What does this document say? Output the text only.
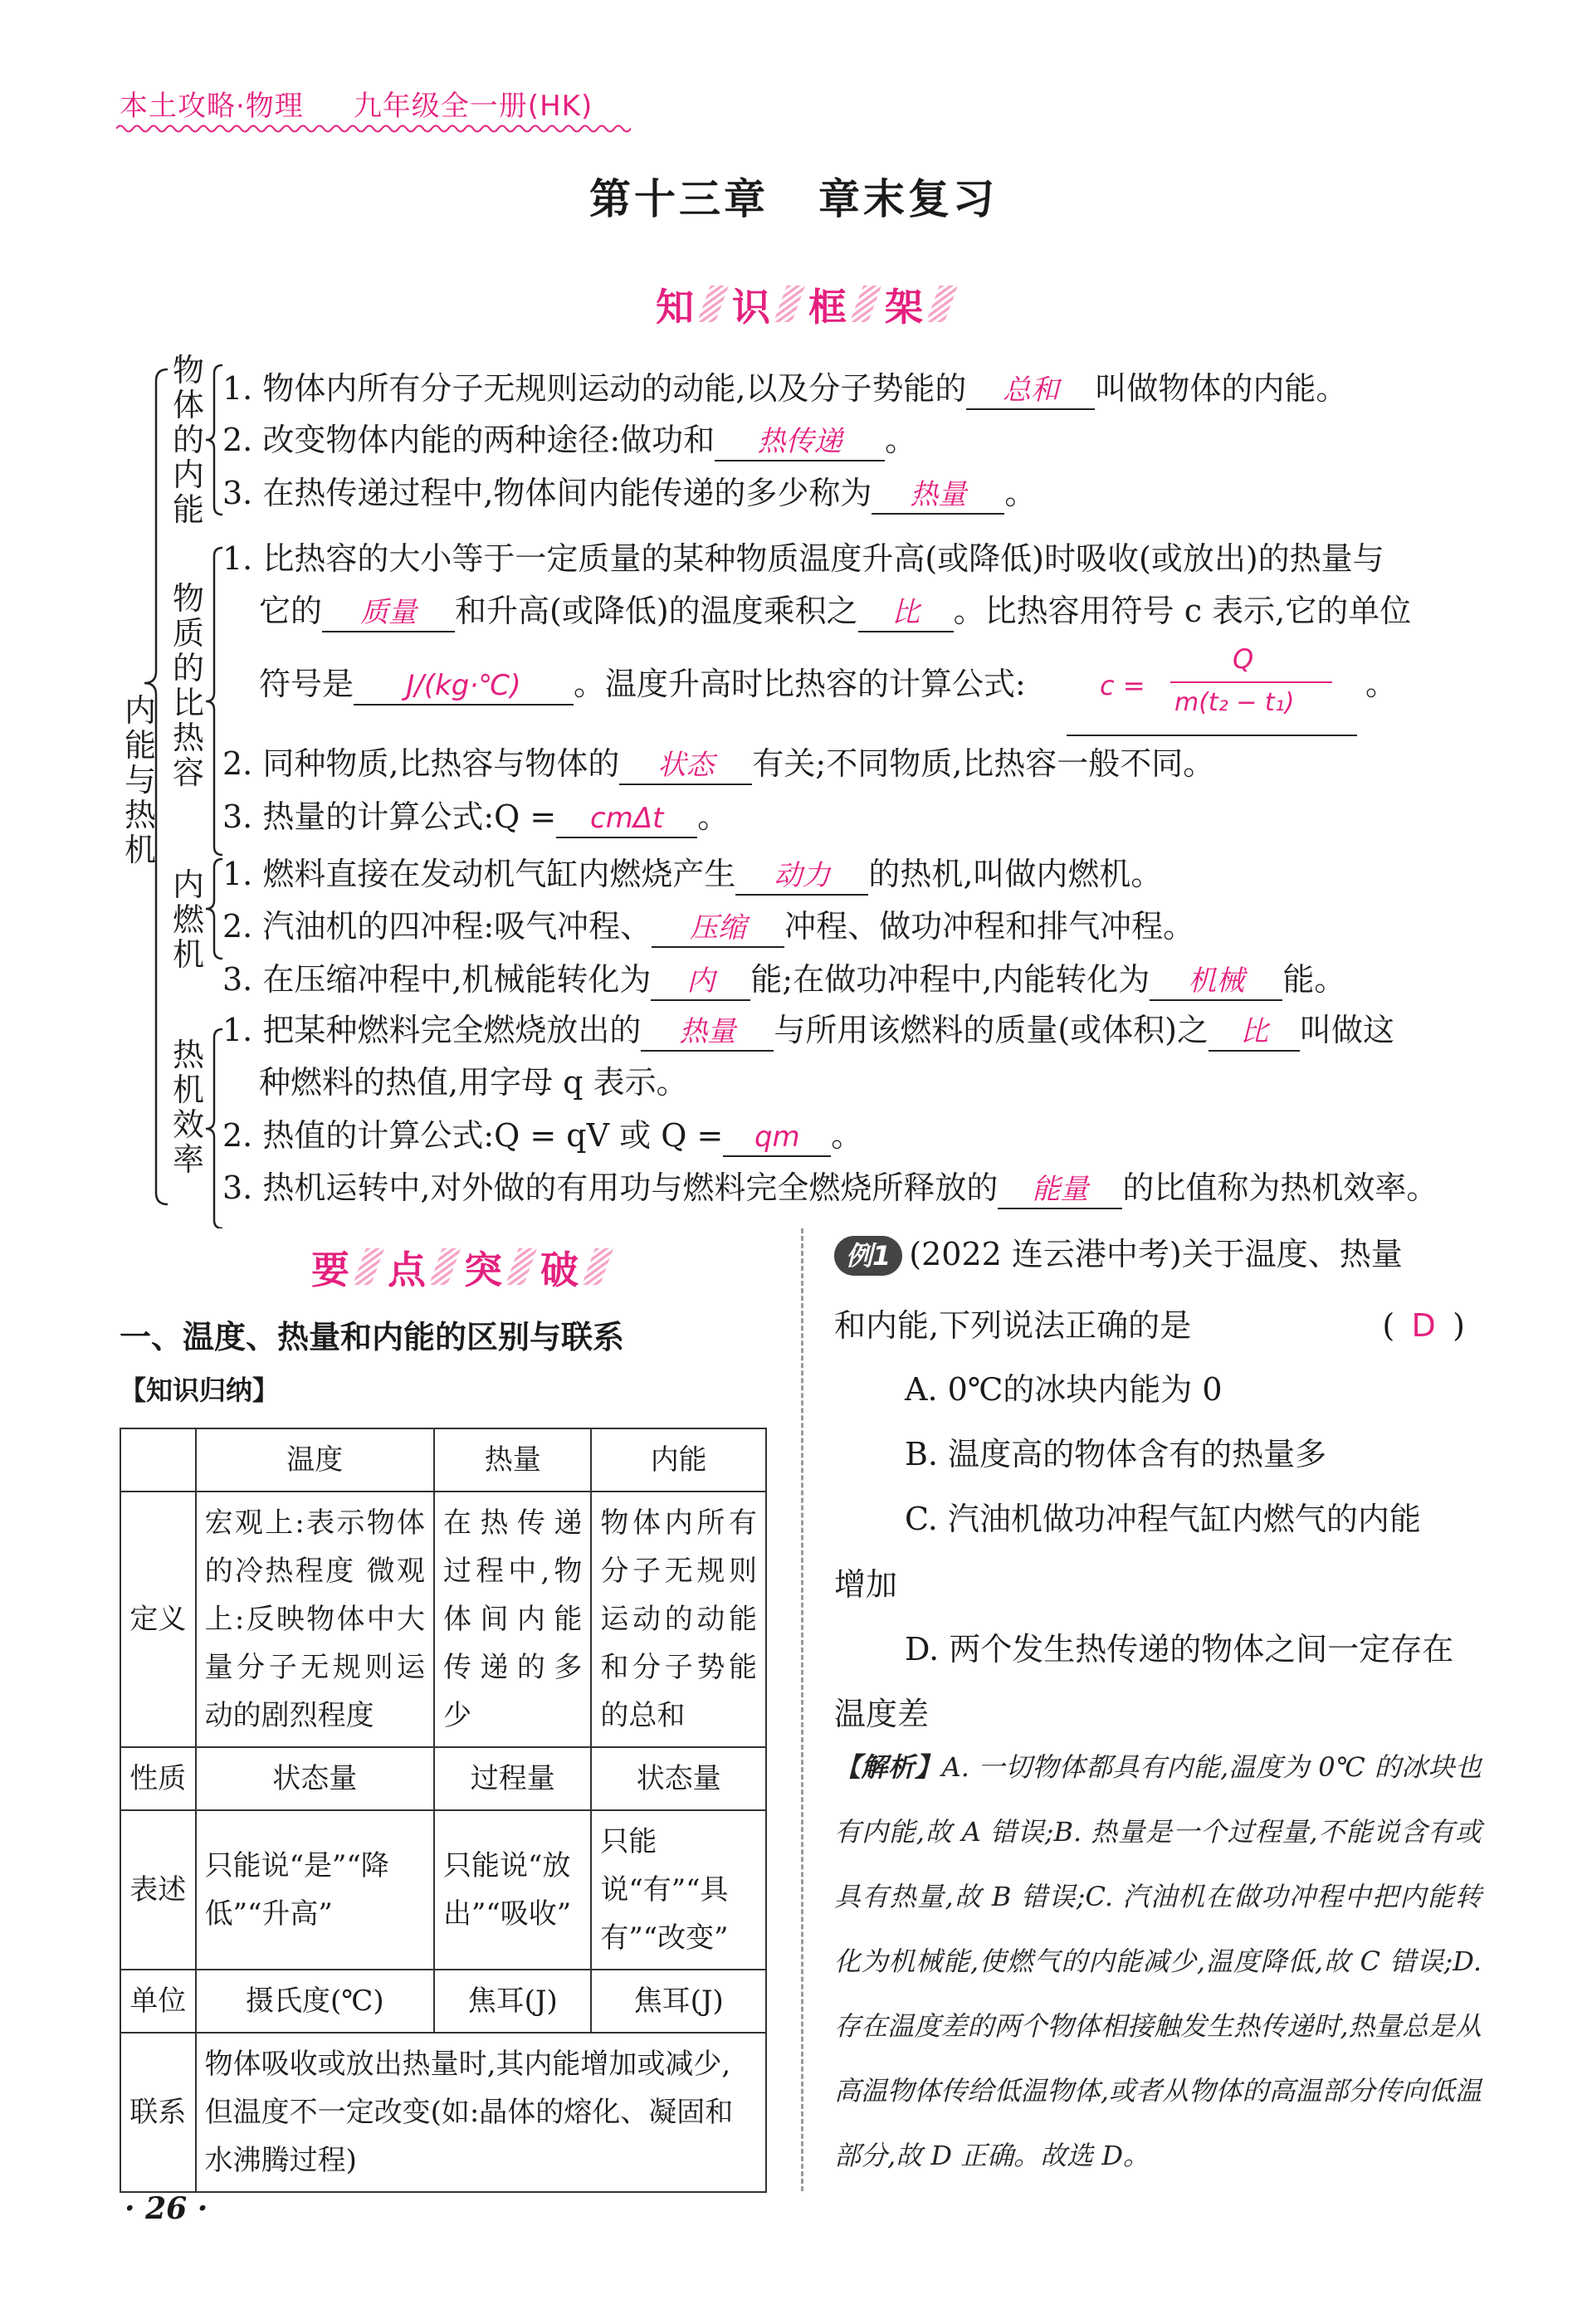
本土攻略·物理 九年级全一册(HK)
第十三章 章末复习
知 识 框 架
内能与热机
物体的内能
物质的比热容
内燃机
热机效率
1. 物体内所有分子无规则运动的动能,以及分子势能的 总和 叫做物体的内能。
2. 改变物体内能的两种途径:做功和 热传递 。
3. 在热传递过程中,物体间内能传递的多少称为 热量 。
1. 比热容的大小等于一定质量的某种物质温度升高(或降低)时吸收(或放出)的热量与
它的 质量 和升高(或降低)的温度乘积之 比 。比热容用符号 c 表示,它的单位
符号是 J/(kg·℃) 。温度升高时比热容的计算公式:	c =
Q
m(t₂ − t₁)
。
2. 同种物质,比热容与物体的 状态 有关;不同物质,比热容一般不同。
3. 热量的计算公式:Q = cmΔt 。
1. 燃料直接在发动机气缸内燃烧产生 动力 的热机,叫做内燃机。
2. 汽油机的四冲程:吸气冲程、 压缩 冲程、做功冲程和排气冲程。
3. 在压缩冲程中,机械能转化为 内 能;在做功冲程中,内能转化为 机械 能。
1. 把某种燃料完全燃烧放出的 热量 与所用该燃料的质量(或体积)之 比 叫做这
种燃料的热值,用字母 q 表示。
2. 热值的计算公式:Q = qV 或 Q = qm 。
3. 热机运转中,对外做的有用功与燃料完全燃烧所释放的 能量 的比值称为热机效率。
要 点 突 破
一、温度、热量和内能的区别与联系
【知识归纳】
	温度	热量	内能
定义	宏观上:表示物体的冷热程度 微观上:反映物体中大量分子无规则运动的剧烈程度	在热传递过程中,物体间内能传递的多少	物体内所有分子无规则运动的动能和分子势能的总和
性质	状态量	过程量	状态量
表述	只能说“是”“降低”“升高”	只能说“放出”“吸收”	只能说“有”“具有”“改变”
单位	摄氏度(℃)	焦耳(J)	焦耳(J)
联系	物体吸收或放出热量时,其内能增加或减少,但温度不一定改变(如:晶体的熔化、凝固和水沸腾过程)		
例1 (2022 连云港中考)关于温度、热量
和内能,下列说法正确的是	( D )
A. 0℃的冰块内能为 0
B. 温度高的物体含有的热量多
C. 汽油机做功冲程气缸内燃气的内能
增加
D. 两个发生热传递的物体之间一定存在
温度差
【解析】A. 一切物体都具有内能,温度为 0℃ 的冰块也有内能,故 A 错误;B. 热量是一个过程量,不能说含有或具有热量,故 B 错误;C. 汽油机在做功冲程中把内能转化为机械能,使燃气的内能减少,温度降低,故 C 错误;D. 存在温度差的两个物体相接触发生热传递时,热量总是从高温物体传给低温物体,或者从物体的高温部分传向低温部分,故 D 正确。故选 D。
· 26 ·
